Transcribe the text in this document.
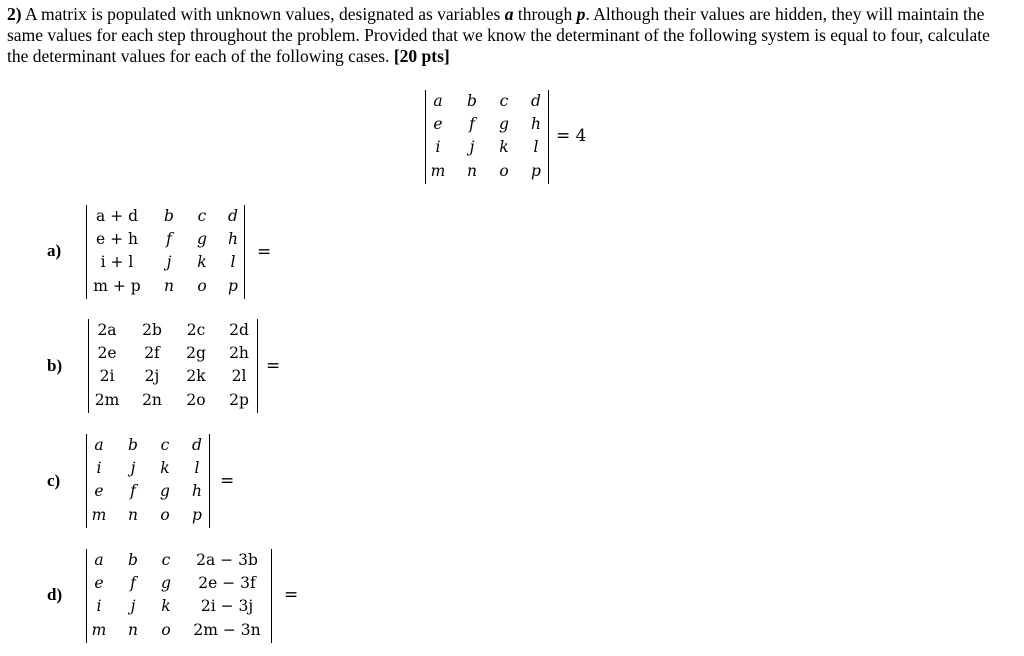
2) A matrix is populated with unknown values, designated as variables a through p. Although their values are hidden, they will maintain the same values for each step throughout the problem. Provided that we know the determinant of the following system is equal to four, calculate the determinant values for each of the following cases. [20 pts]
a b c d
e f g h
i j k l
m n o p
= 4
a)
a + d b c d
e + h f g h
i + l j k l
m + p n o p
=
b)
2a 2b 2c 2d
2e 2f 2g 2h
2i 2j 2k 2l
2m 2n 2o 2p
=
c)
a b c d
i j k l
e f g h
m n o p
=
d)
a b c 2a − 3b
e f g 2e − 3f
i j k 2i − 3j
m n o 2m − 3n
=
